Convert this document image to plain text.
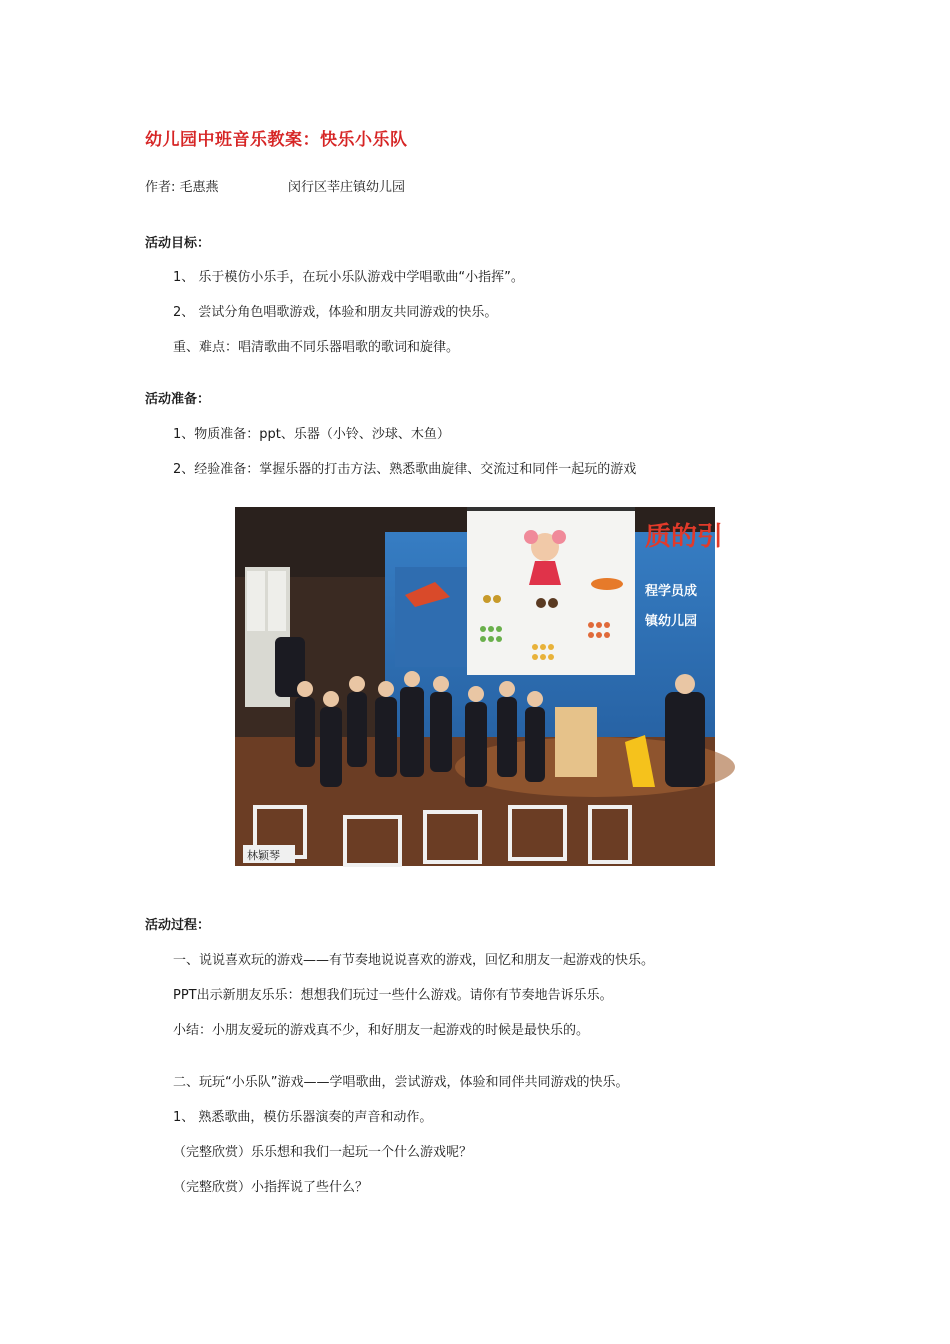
幼儿园中班音乐教案：快乐小乐队
作者: 毛惠燕	闵行区莘庄镇幼儿园
活动目标：
1、 乐于模仿小乐手，在玩小乐队游戏中学唱歌曲“小指挥”。
2、 尝试分角色唱歌游戏，体验和朋友共同游戏的快乐。
重、难点：唱清歌曲不同乐器唱歌的歌词和旋律。
活动准备：
1、物质准备：ppt、乐器（小铃、沙球、木鱼）
2、经验准备：掌握乐器的打击方法、熟悉歌曲旋律、交流过和同伴一起玩的游戏
质的引
程学员成
镇幼儿园
林颖琴
活动过程：
一、说说喜欢玩的游戏——有节奏地说说喜欢的游戏，回忆和朋友一起游戏的快乐。
PPT出示新朋友乐乐：想想我们玩过一些什么游戏。请你有节奏地告诉乐乐。
小结：小朋友爱玩的游戏真不少，和好朋友一起游戏的时候是最快乐的。
二、玩玩“小乐队”游戏——学唱歌曲，尝试游戏，体验和同伴共同游戏的快乐。
1、 熟悉歌曲，模仿乐器演奏的声音和动作。
（完整欣赏）乐乐想和我们一起玩一个什么游戏呢？
（完整欣赏）小指挥说了些什么？
